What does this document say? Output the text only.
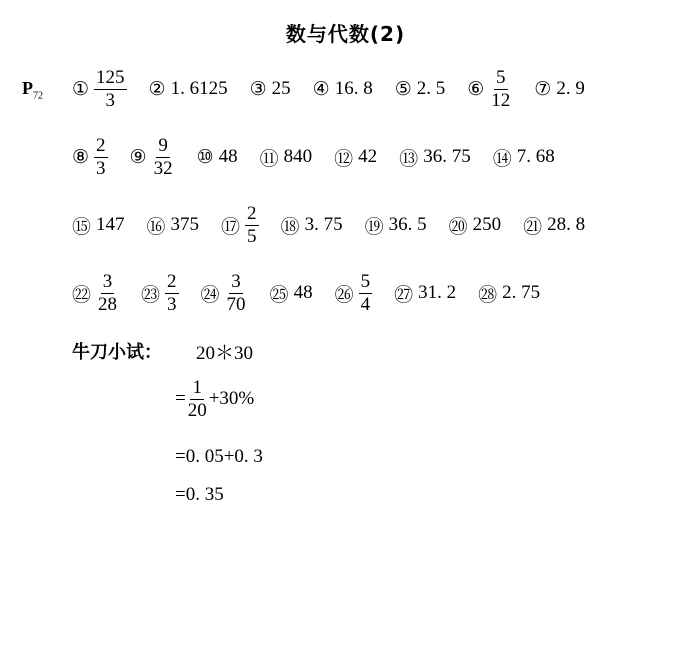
数与代数(2)
$P_{72}$ ① $\frac{125}{3}$ ② 1. 6125 ③ 25 ④ 16. 8 ⑤ 2. 5 ⑥ $\frac{5}{12}$ ⑦ 2. 9
⑧ $\frac{2}{3}$ ⑨ $\frac{9}{32}$ ⑩ 48 ⑪ 840 ⑫ 42 ⑬ 36. 75 ⑭ 7. 68
⑮ 147 ⑯ 375 ⑰ $\frac{2}{5}$ ⑱ 3. 75 ⑲ 36. 5 ⑳ 250 ㉑ 28. 8
㉒ $\frac{3}{28}$ ㉓ $\frac{2}{3}$ ㉔ $\frac{3}{70}$ ㉕ 48 ㉖ $\frac{5}{4}$ ㉗ 31. 2 ㉘ 2. 75
牛刀小试： 20＊30
= $\frac{1}{20} +30\%$
=0. 05+0. 3
=0. 35
